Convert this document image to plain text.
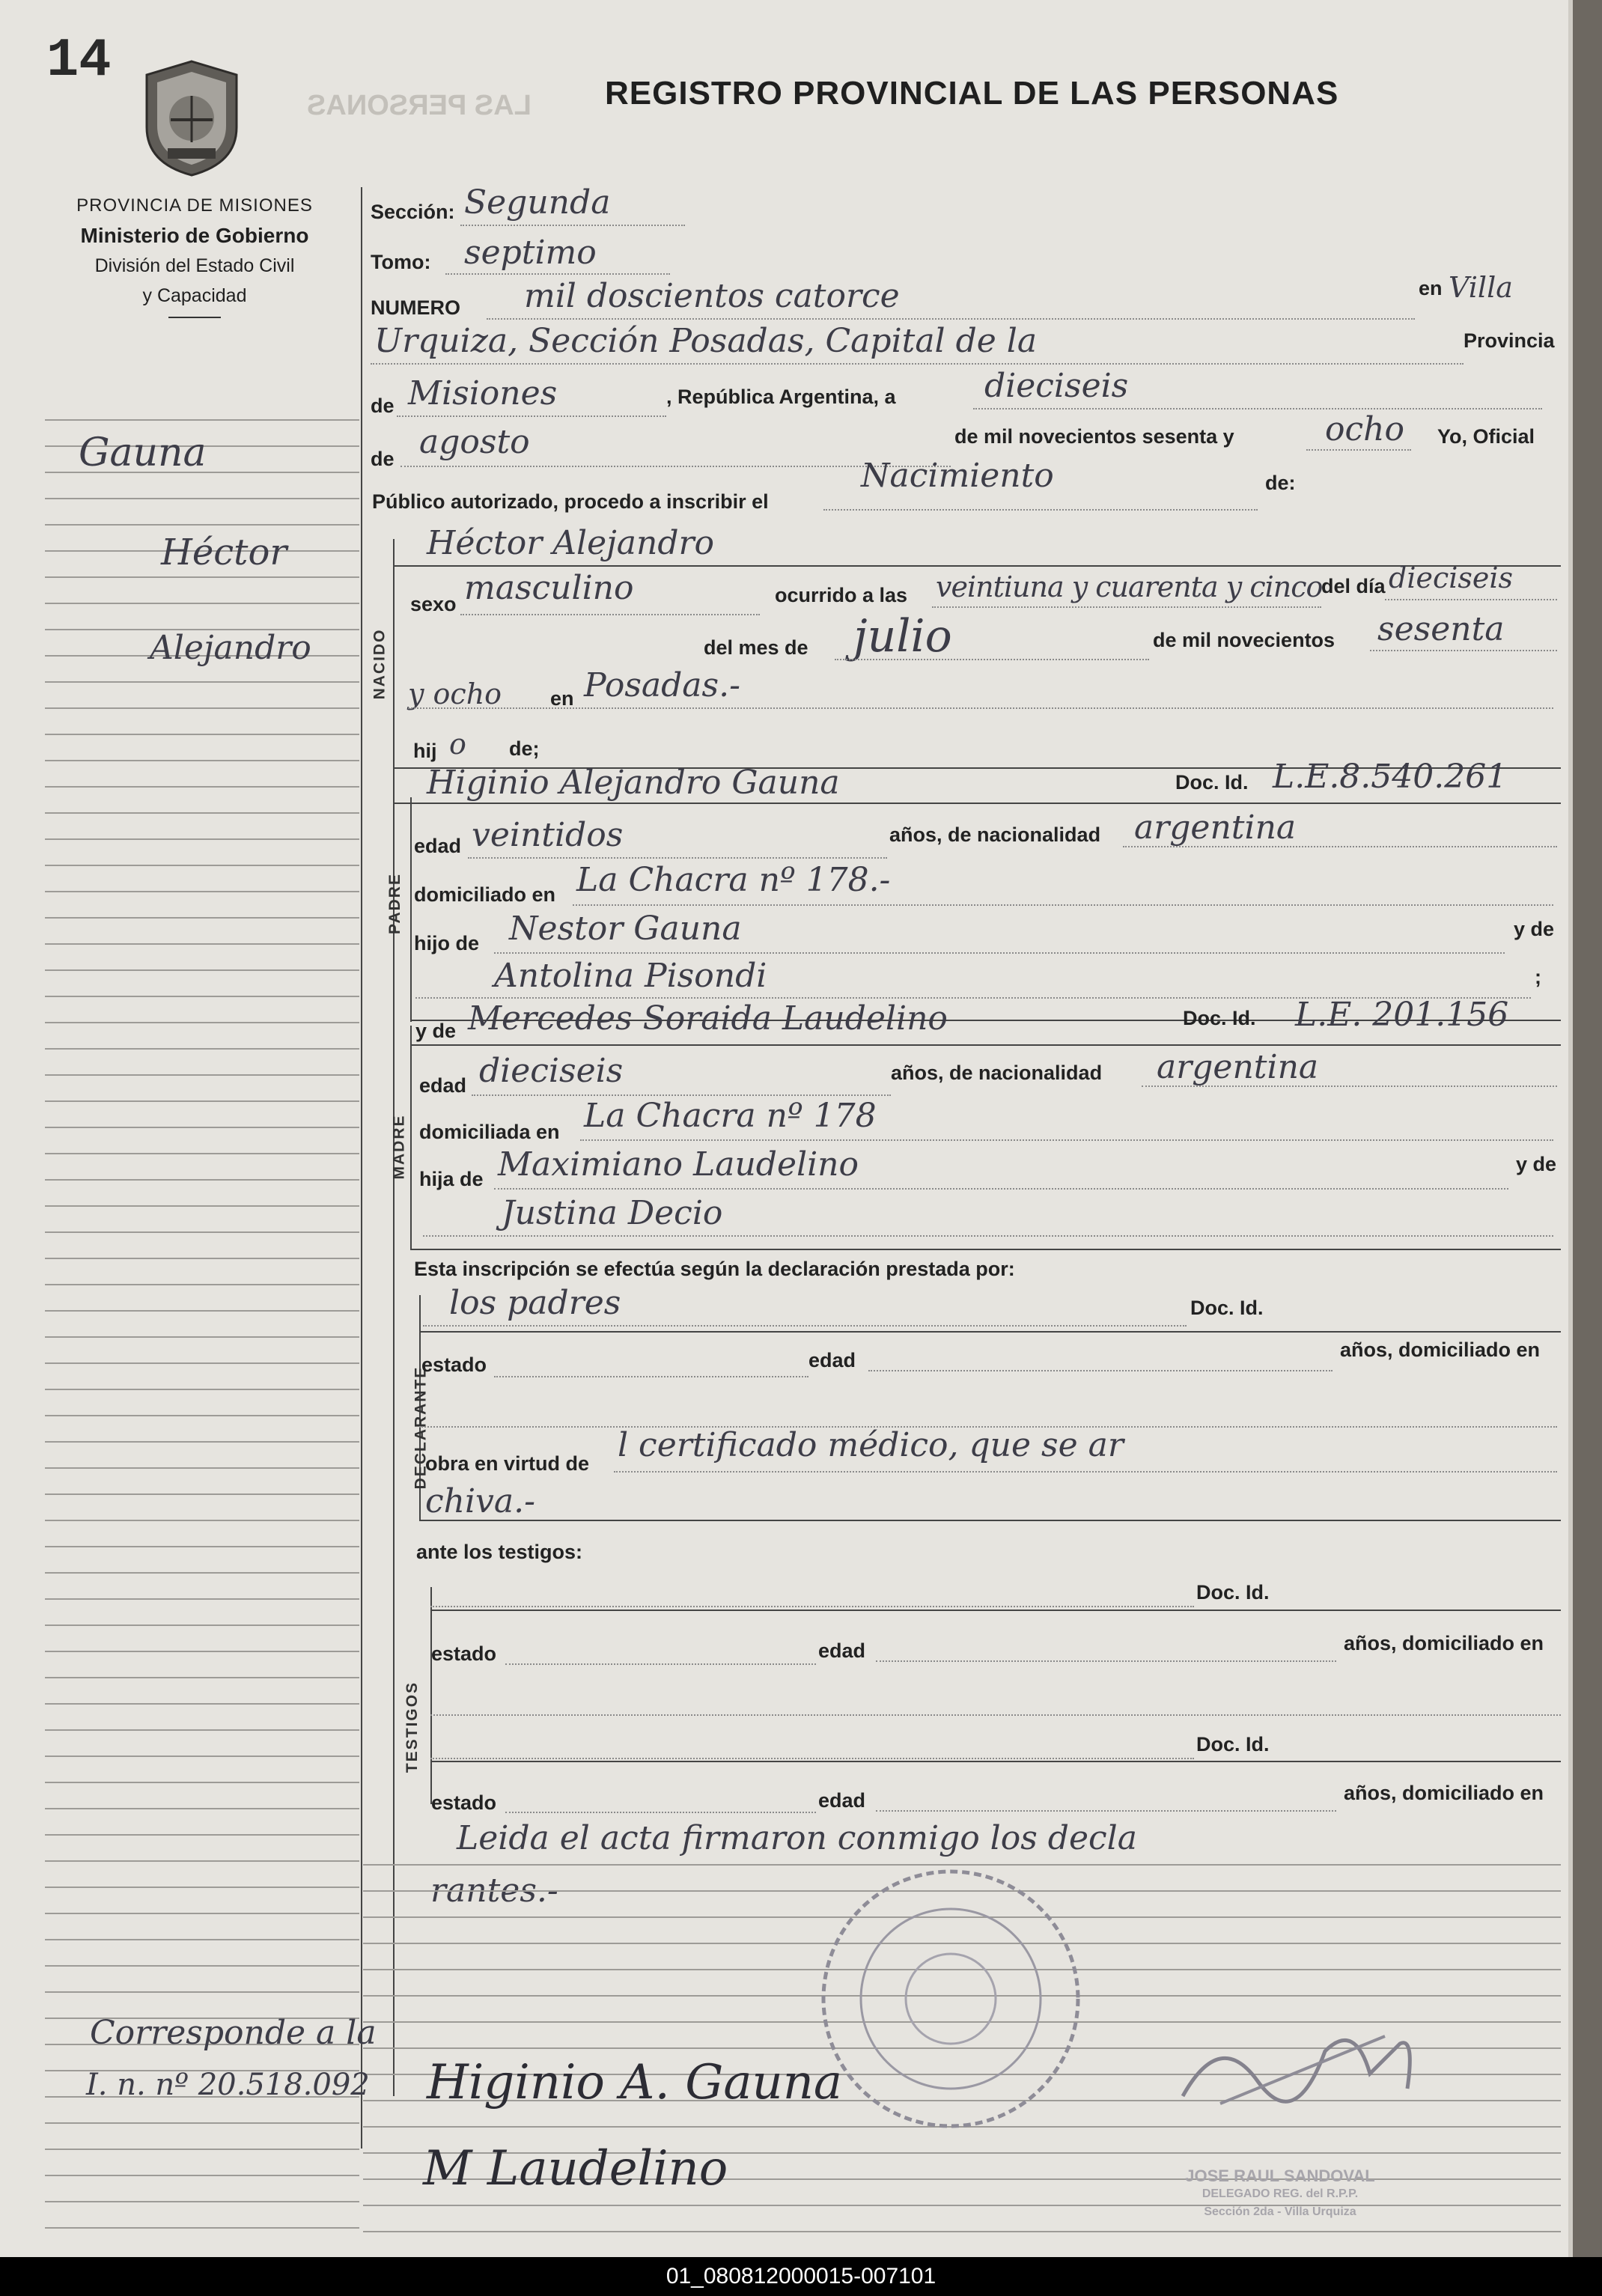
14
LAS PERSONAS
PROVINCIA DE MISIONES
Ministerio de Gobierno
División del Estado Civil
y Capacidad
REGISTRO PROVINCIAL DE LAS PERSONAS
Sección: Segunda
Tomo: septimo
NUMERO mil doscientos catorce	en Villa
Urquiza, Sección Posadas, Capital de la	Provincia
de Misiones	, República Argentina, a	dieciseis
de agosto	de mil novecientos sesenta y	ocho Yo, Oficial
Público autorizado, procedo a inscribir el
Nacimiento	de:
NACIDO
Héctor Alejandro
sexo masculino	ocurrido a las veintiuna y cuarenta y cinco
del día dieciseis
del mes de julio	de mil novecientos sesenta
y ocho en Posadas.-
hij o de;
Higinio Alejandro Gauna	Doc. Id. L.E.8.540.261
PADRE
edad veintidos	años, de nacionalidad argentina
domiciliado en La Chacra nº 178.-
hijo de Nestor Gauna	y de
Antolina Pisondi	;
y de Mercedes Soraida Laudelino	Doc. Id. L.E. 201.156
MADRE
edad dieciseis	años, de nacionalidad argentina
domiciliada en La Chacra nº 178
hija de Maximiano Laudelino	y de
Justina Decio
Esta inscripción se efectúa según la declaración prestada por:
los padres	Doc. Id.
DECLARANTE
estado	edad	años, domiciliado en
obra en virtud de l certificado médico, que se ar
chiva.-
ante los testigos:
Doc. Id.
TESTIGOS
estado	edad	años, domiciliado en
Doc. Id.
estado	edad	años, domiciliado en
Leida el acta firmaron conmigo los decla
rantes.-
Gauna
Héctor
Alejandro
Corresponde a la
I. n. nº 20.518.092 Higinio A. Gauna
M Laudelino	JOSE RAUL SANDOVAL
DELEGADO REG. del R.P.P.
Sección 2da - Villa Urquiza
01_080812000015-007101
